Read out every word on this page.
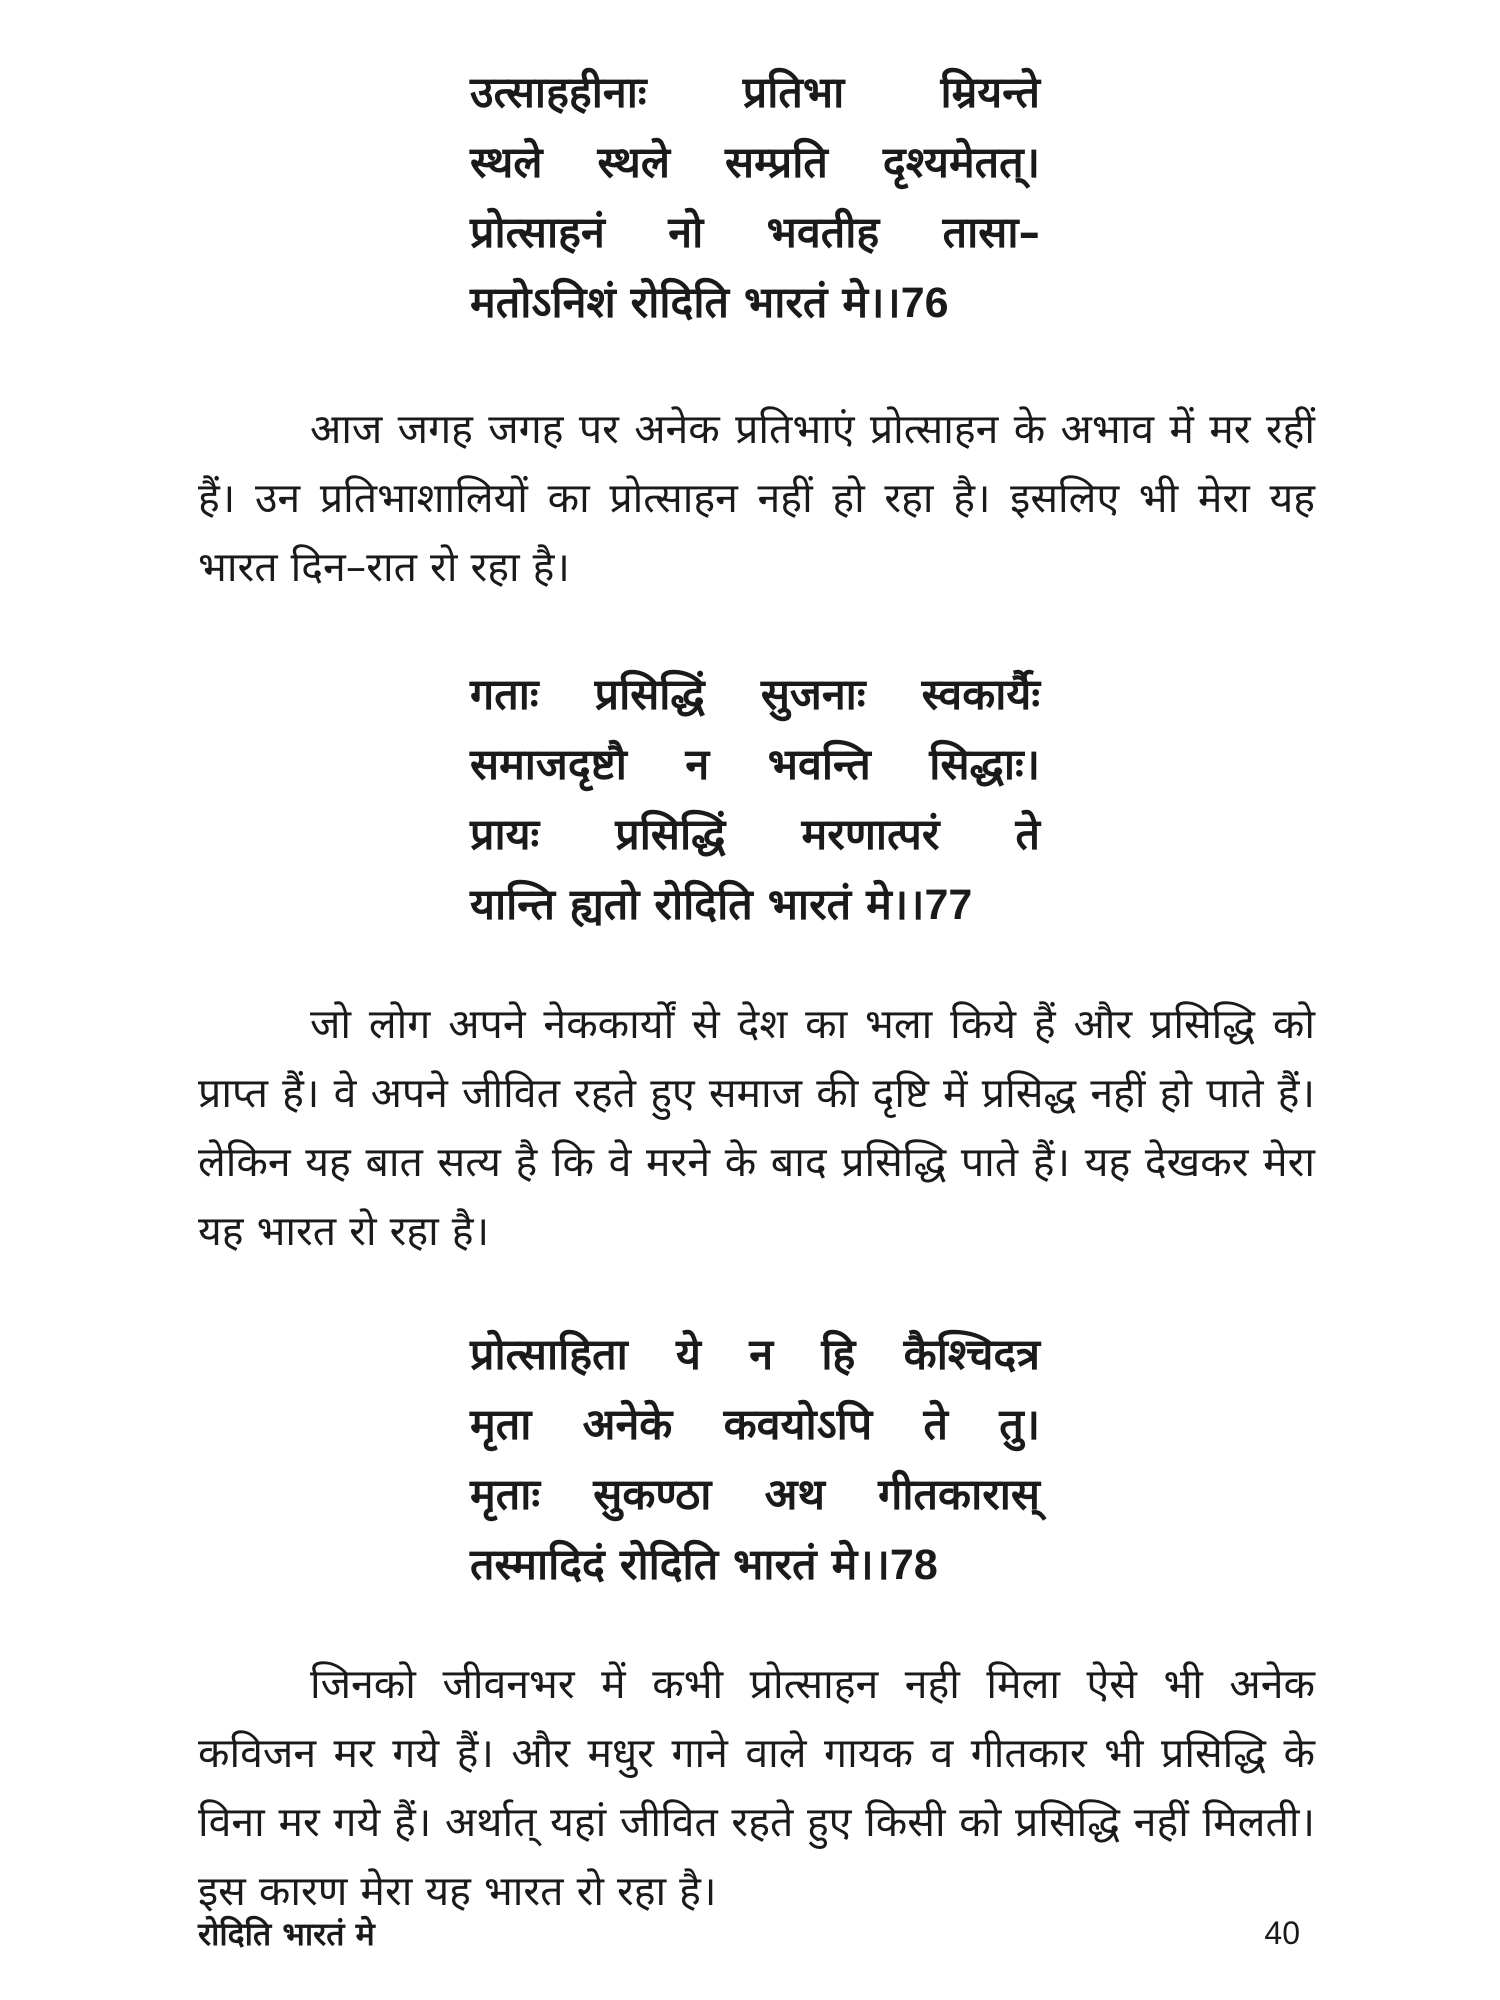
उत्साहहीनाः प्रतिभा म्रियन्ते
स्थले स्थले सम्प्रति दृश्यमेतत्।
प्रोत्साहनं नो भवतीह तासा–
मतोऽनिशं रोदिति भारतं मे।।76
आज जगह जगह पर अनेक प्रतिभाएं प्रोत्साहन के अभाव में मर रहीं हैं। उन प्रतिभाशालियों का प्रोत्साहन नहीं हो रहा है। इसलिए भी मेरा यह भारत दिन–रात रो रहा है।
गताः प्रसिद्धिं सुजनाः स्वकार्यैः
समाजदृष्टौ न भवन्ति सिद्धाः।
प्रायः प्रसिद्धिं मरणात्परं ते
यान्ति ह्यतो रोदिति भारतं मे।।77
जो लोग अपने नेककार्यों से देश का भला किये हैं और प्रसिद्धि को प्राप्त हैं। वे अपने जीवित रहते हुए समाज की दृष्टि में प्रसिद्ध नहीं हो पाते हैं। लेकिन यह बात सत्य है कि वे मरने के बाद प्रसिद्धि पाते हैं। यह देखकर मेरा यह भारत रो रहा है।
प्रोत्साहिता ये न हि कैश्चिदत्र
मृता अनेके कवयोऽपि ते तु।
मृताः सुकण्ठा अथ गीतकारास्
तस्मादिदं रोदिति भारतं मे।।78
जिनको जीवनभर में कभी प्रोत्साहन नही मिला ऐसे भी अनेक कविजन मर गये हैं। और मधुर गाने वाले गायक व गीतकार भी प्रसिद्धि के विना मर गये हैं। अर्थात् यहां जीवित रहते हुए किसी को प्रसिद्धि नहीं मिलती। इस कारण मेरा यह भारत रो रहा है।
रोदिति भारतं मे	40
